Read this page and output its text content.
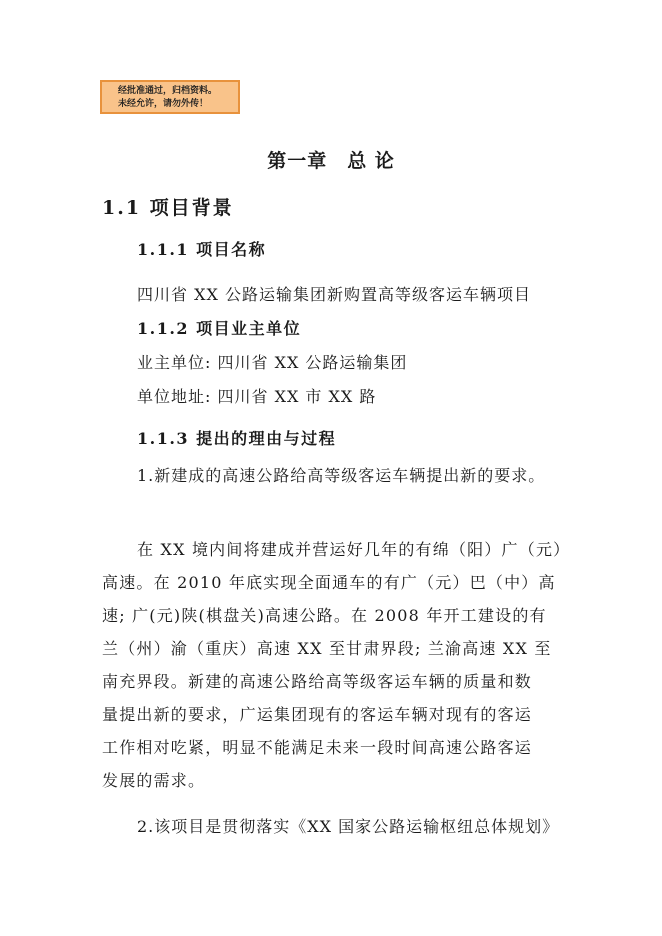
经批准通过，归档资料。
未经允许，请勿外传！
第一章　总 论
1.1 项目背景
1.1.1 项目名称
四川省 XX 公路运输集团新购置高等级客运车辆项目
1.1.2 项目业主单位
业主单位: 四川省 XX 公路运输集团
单位地址: 四川省 XX 市 XX 路
1.1.3 提出的理由与过程
1.新建成的高速公路给高等级客运车辆提出新的要求。
在 XX 境内间将建成并营运好几年的有绵（阳）广（元）
高速。在 2010 年底实现全面通车的有广（元）巴（中）高
速; 广(元)陕(棋盘关)高速公路。在 2008 年开工建设的有
兰（州）渝（重庆）高速 XX 至甘肃界段; 兰渝高速 XX 至
南充界段。新建的高速公路给高等级客运车辆的质量和数
量提出新的要求，广运集团现有的客运车辆对现有的客运
工作相对吃紧，明显不能满足未来一段时间高速公路客运
发展的需求。
2.该项目是贯彻落实《XX 国家公路运输枢纽总体规划》
